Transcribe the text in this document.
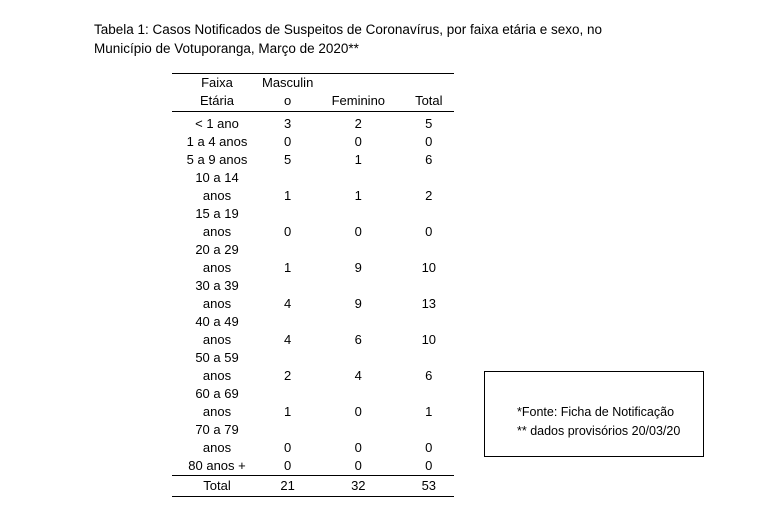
Tabela 1: Casos Notificados de Suspeitos de Coronavírus, por faixa etária e sexo, no
Município de Votuporanga, Março de 2020**
Faixa
Etária	Masculin
o	Feminino	Total
< 1 ano	3	2	5
1 a 4 anos	0	0	0
5 a 9 anos	5	1	6
10 a 14
anos	1	1	2
15 a 19
anos	0	0	0
20 a 29
anos	1	9	10
30 a 39
anos	4	9	13
40 a 49
anos	4	6	10
50 a 59
anos	2	4	6
60 a 69
anos	1	0	1
70 a 79
anos	0	0	0
80 anos +	0	0	0
Total	21	32	53
*Fonte: Ficha de Notificação
** dados provisórios 20/03/20
